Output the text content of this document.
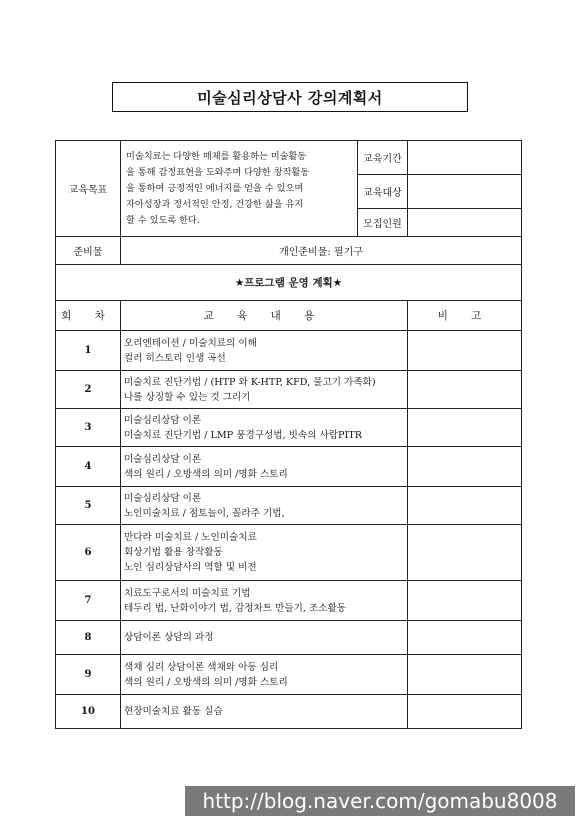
미술심리상담사 강의계획서
교육목표	미술치료는 다양한 매체를 활용하는 미술활동
을 통해 감정표현을 도와주며 다양한 창작활동
을 통하여 긍정적인 에너지를 얻을 수 있으며
자아성장과 정서적인 안정, 건강한 삶을 유지
할 수 있도록 한다.	교육기간	
		교육대상	
		모집인원	
준비물	개인준비물: 필기구		
★프로그램 운영 계획★			
회 차	교 육 내 용		비 고
1	오리엔테이션 / 미술치료의 이해
컬러 히스토리 인생 곡선		

2	미술치료 진단기법 / (HTP 와 K-HTP, KFD, 물고기 가족화)
나를 상징할 수 있는 것 그리기		

3	미술심리상담 이론
미술치료 진단기법 / LMP 풍경구성법, 빗속의 사람PITR		

4	미술심리상담 이론
색의 원리 / 오방색의 의미 /명화 스토리		

5	미술심리상담 이론
노인미술치료 / 점토놀이, 꼴라주 기법,		

6	만다라 미술치료 / 노인미술치료
회상기법 활용 창작활동
노인 심리상담사의 역할 및 비전		

7	치료도구로서의 미술치료 기법
테두리 법, 난화이야기 법, 감정차트 만들기, 조소활동		

8	상담이론 상담의 과정		

9	색채 심리 상담이론 색채와 아동 심리
색의 원리 / 오방색의 의미 /명화 스토리		

10	현장미술치료 활동 실습		

http://blog.naver.com/gomabu8008
